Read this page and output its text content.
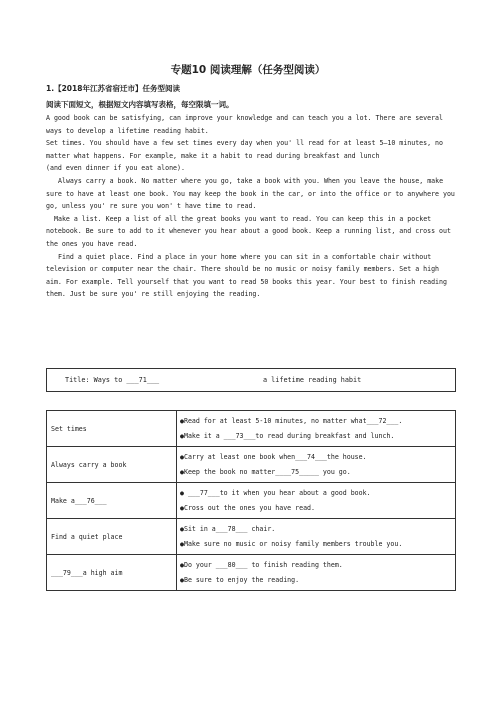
专题10 阅读理解（任务型阅读）
1.【2018年江苏省宿迁市】任务型阅读
阅读下面短文，根据短文内容填写表格，每空限填一词。

A good book can be satisfying, can improve your knowledge and can teach you a lot. There are several ways to develop a lifetime reading habit.

Set times. You should have a few set times every day when you' ll read for at least 5—10 minutes, no matter what happens. For example, make it a habit to read during breakfast and lunch

(and even dinner if you eat alone).

Always carry a book. No matter where you go, take a book with you. When you leave the house, make sure to have at least one book. You may keep the book in the car, or into the office or to anywhere you go, unless you' re sure you won' t have time to read.

Make a list. Keep a list of all the great books you want to read. You can keep this in a pocket notebook. Be sure to add to it whenever you hear about a good book. Keep a running list, and cross out the ones you have read.

Find a quiet place. Find a place in your home where you can sit in a comfortable chair without television or computer near the chair. There should be no music or noisy family members. Set a high aim. For example. Tell yourself that you want to read 50 books this year. Your best to finish reading them. Just be sure you' re still enjoying the reading.

Title: Ways to ___71___	a lifetime reading habit
Set times	●Read for at least 5-10 minutes, no matter what___72___.
●Make it a ___73___to read during breakfast and lunch.

Always carry a book	●Carry at least one book when___74___the house.
●Keep the book no matter____75_____ you go.

Make a___76___	● ___77___to it when you hear about a good book.
●Cross out the ones you have read.

Find a quiet place	●Sit in a___78___ chair.
●Make sure no music or noisy family members trouble you.

___79___a high aim	●Do your ___80___ to finish reading them.
●Be sure to enjoy the reading.
